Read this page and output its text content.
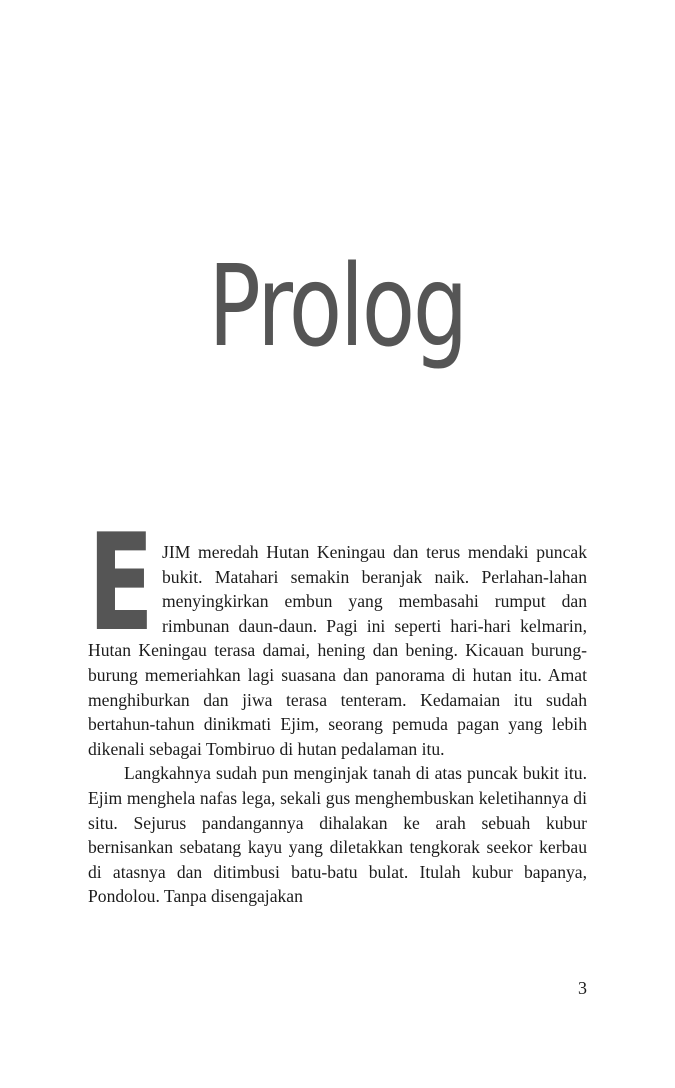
Prolog

E JIM meredah Hutan Keningau dan terus mendaki puncak bukit. Matahari semakin beranjak naik. Perlahan-lahan menyingkirkan embun yang membasahi rumput dan rimbunan daun-daun. Pagi ini seperti hari-hari kelmarin, Hutan Keningau terasa damai, hening dan bening. Kicauan burung-burung memeriahkan lagi suasana dan panorama di hutan itu. Amat menghiburkan dan jiwa terasa tenteram. Kedamaian itu sudah bertahun-tahun dinikmati Ejim, seorang pemuda pagan yang lebih dikenali sebagai Tombiruo di hutan pedalaman itu.

Langkahnya sudah pun menginjak tanah di atas puncak bukit itu. Ejim menghela nafas lega, sekali gus menghembuskan keletihannya di situ. Sejurus pandangannya dihalakan ke arah sebuah kubur bernisankan sebatang kayu yang diletakkan tengkorak seekor kerbau di atasnya dan ditimbusi batu-batu bulat. Itulah kubur bapanya, Pondolou. Tanpa disengajakan

3
